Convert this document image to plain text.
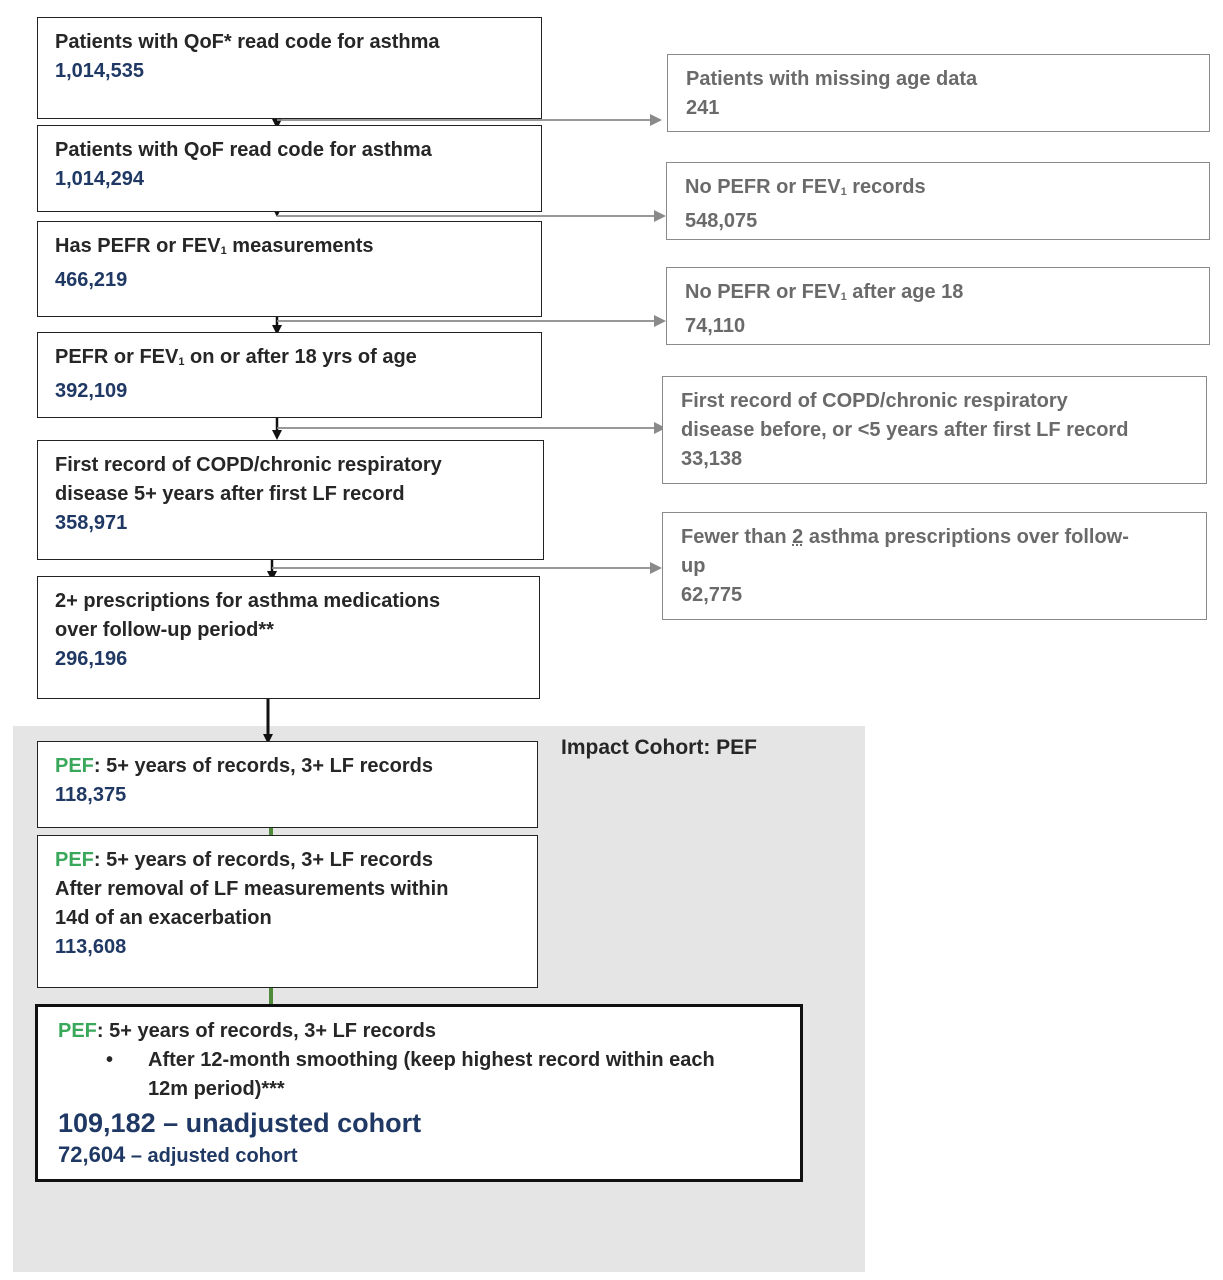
Impact Cohort: PEF
Patients with QoF* read code for asthma
1,014,535
Patients with QoF read code for asthma
1,014,294
Has PEFR or $FEV_1$ measurements
466,219
PEFR or $FEV_1$ on or after 18 yrs of age
392,109
First record of COPD/chronic respiratory
disease 5+ years after first LF record
358,971
2+ prescriptions for asthma medications
over follow-up period**
296,196
Patients with missing age data
241
No PEFR or $FEV_1$ records
548,075
No PEFR or $FEV_1$ after age 18
74,110
First record of COPD/chronic respiratory
disease before, or <5 years after first LF record
33,138
Fewer than 2 asthma prescriptions over follow-
up
62,775
PEF: 5+ years of records, 3+ LF records
118,375
PEF: 5+ years of records, 3+ LF records
After removal of LF measurements within
14d of an exacerbation
113,608
PEF: 5+ years of records, 3+ LF records
•	After 12-month smoothing (keep highest record within each
12m period)***
109,182 – unadjusted cohort
72,604 – adjusted cohort
